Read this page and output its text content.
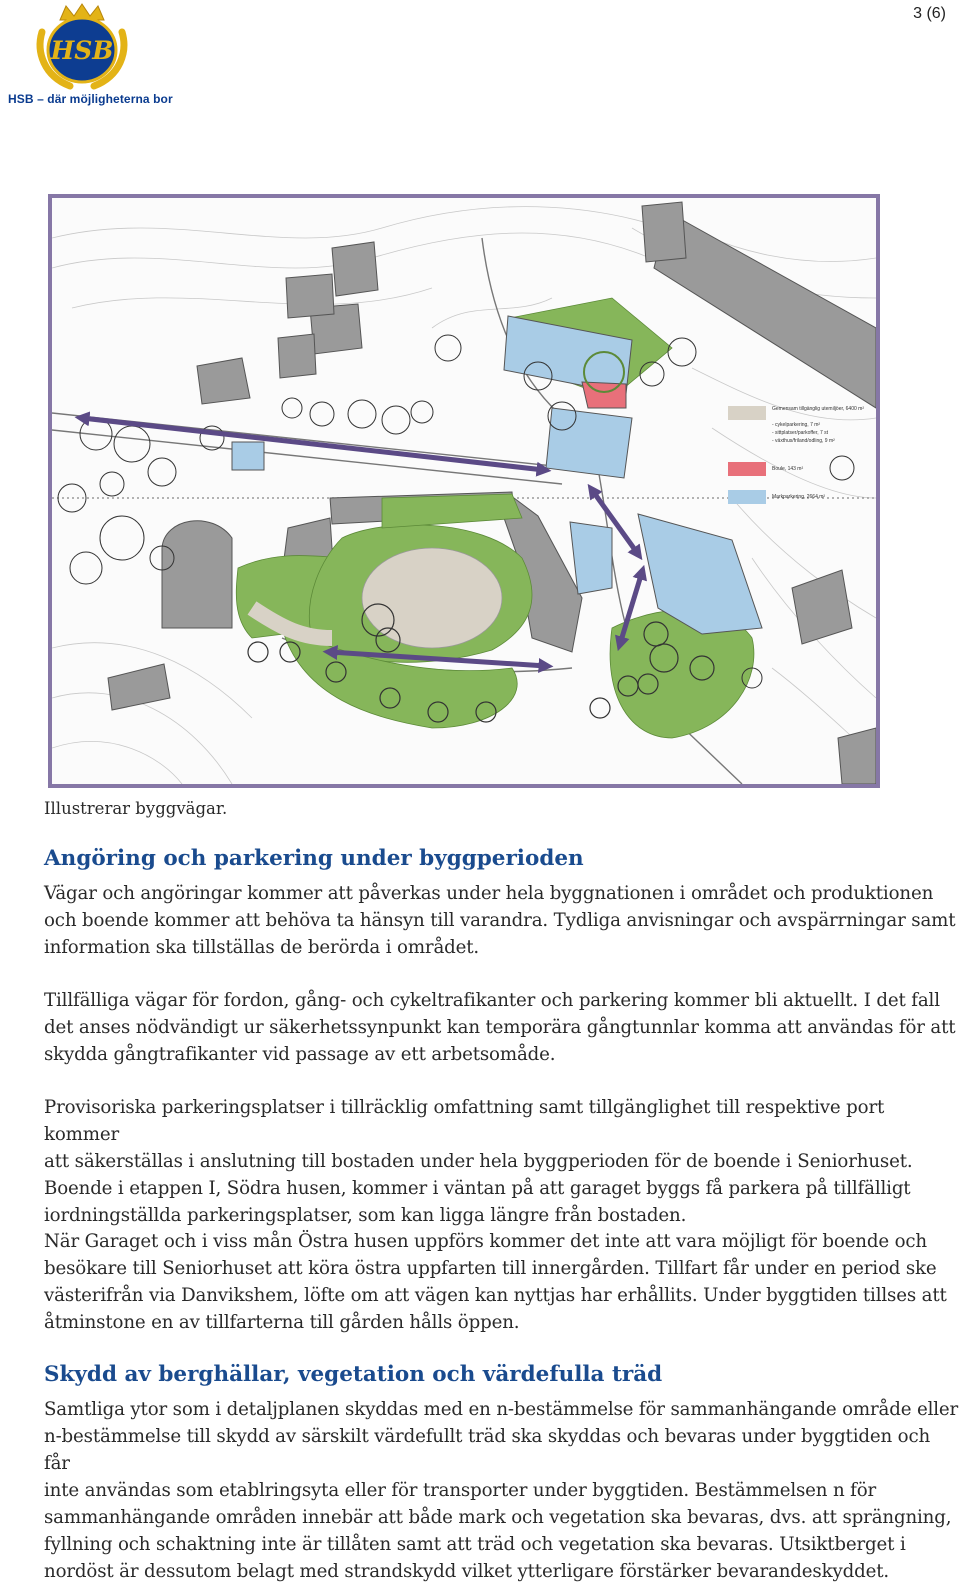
3 (6)
HSB
HSB – där möjligheterna bor
Gemensam tillgänglig utemiljöer, 6400 m²
- cykelparkering, 7 m²
- sittplatser/parkoffer, 7 st
- växthus/friland/odling, 9 m²
Boule, 143 m²
Markparkering, 2664 m²
Illustrerar byggvägar.
Angöring och parkering under byggperioden
Vägar och angöringar kommer att påverkas under hela byggnationen i området och produktionen
och boende kommer att behöva ta hänsyn till varandra. Tydliga anvisningar och avspärrningar samt
information ska tillställas de berörda i området.
Tillfälliga vägar för fordon, gång- och cykeltrafikanter och parkering kommer bli aktuellt. I det fall
det anses nödvändigt ur säkerhetssynpunkt kan temporära gångtunnlar komma att användas för att
skydda gångtrafikanter vid passage av ett arbetsomåde.
Provisoriska parkeringsplatser i tillräcklig omfattning samt tillgänglighet till respektive port kommer
att säkerställas i anslutning till bostaden under hela byggperioden för de boende i Seniorhuset.
Boende i etappen I, Södra husen, kommer i väntan på att garaget byggs få parkera på tillfälligt
iordningställda parkeringsplatser, som kan ligga längre från bostaden.
När Garaget och i viss mån Östra husen uppförs kommer det inte att vara möjligt för boende och
besökare till Seniorhuset att köra östra uppfarten till innergården. Tillfart får under en period ske
västerifrån via Danvikshem, löfte om att vägen kan nyttjas har erhållits. Under byggtiden tillses att
åtminstone en av tillfarterna till gården hålls öppen.
Skydd av berghällar, vegetation och värdefulla träd
Samtliga ytor som i detaljplanen skyddas med en n-bestämmelse för sammanhängande område eller
n-bestämmelse till skydd av särskilt värdefullt träd ska skyddas och bevaras under byggtiden och får
inte användas som etablringsyta eller för transporter under byggtiden. Bestämmelsen n för
sammanhängande områden innebär att både mark och vegetation ska bevaras, dvs. att sprängning,
fyllning och schaktning inte är tillåten samt att träd och vegetation ska bevaras. Utsiktberget i
nordöst är dessutom belagt med strandskydd vilket ytterligare förstärker bevarandeskyddet.
